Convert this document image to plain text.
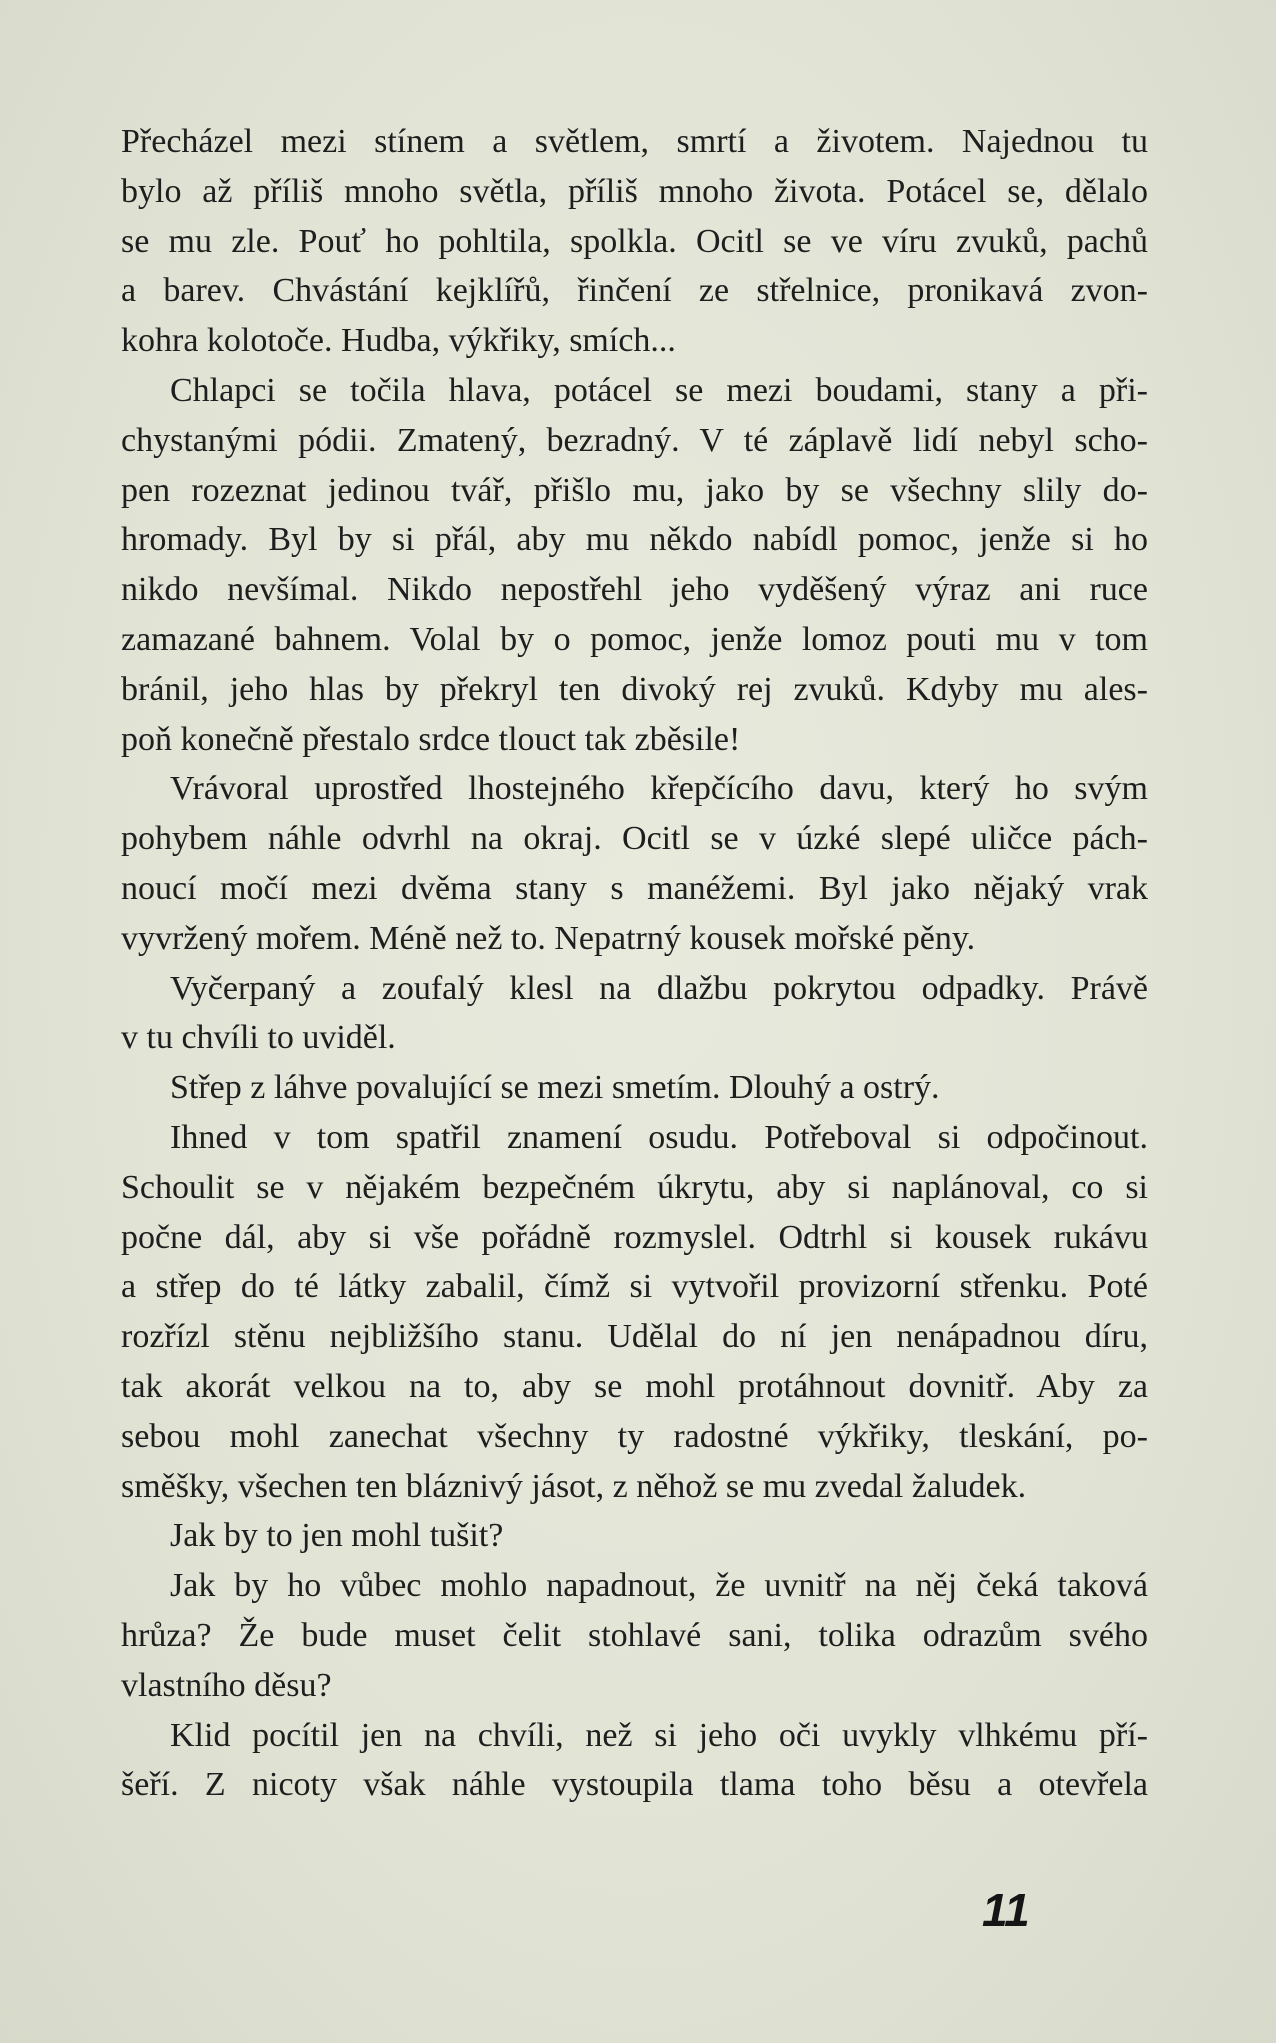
Přecházel mezi stínem a světlem, smrtí a životem. Najednou tu
bylo až příliš mnoho světla, příliš mnoho života. Potácel se, dělalo
se mu zle. Pouť ho pohltila, spolkla. Ocitl se ve víru zvuků, pachů
a barev. Chvástání kejklířů, řinčení ze střelnice, pronikavá zvon-
kohra kolotoče. Hudba, výkřiky, smích...
Chlapci se točila hlava, potácel se mezi boudami, stany a při-
chystanými pódii. Zmatený, bezradný. V té záplavě lidí nebyl scho-
pen rozeznat jedinou tvář, přišlo mu, jako by se všechny slily do-
hromady. Byl by si přál, aby mu někdo nabídl pomoc, jenže si ho
nikdo nevšímal. Nikdo nepostřehl jeho vyděšený výraz ani ruce
zamazané bahnem. Volal by o pomoc, jenže lomoz pouti mu v tom
bránil, jeho hlas by překryl ten divoký rej zvuků. Kdyby mu ales-
poň konečně přestalo srdce tlouct tak zběsile!
Vrávoral uprostřed lhostejného křepčícího davu, který ho svým
pohybem náhle odvrhl na okraj. Ocitl se v úzké slepé uličce pách-
noucí močí mezi dvěma stany s manéžemi. Byl jako nějaký vrak
vyvržený mořem. Méně než to. Nepatrný kousek mořské pěny.
Vyčerpaný a zoufalý klesl na dlažbu pokrytou odpadky. Právě
v tu chvíli to uviděl.
Střep z láhve povalující se mezi smetím. Dlouhý a ostrý.
Ihned v tom spatřil znamení osudu. Potřeboval si odpočinout.
Schoulit se v nějakém bezpečném úkrytu, aby si naplánoval, co si
počne dál, aby si vše pořádně rozmyslel. Odtrhl si kousek rukávu
a střep do té látky zabalil, čímž si vytvořil provizorní střenku. Poté
rozřízl stěnu nejbližšího stanu. Udělal do ní jen nenápadnou díru,
tak akorát velkou na to, aby se mohl protáhnout dovnitř. Aby za
sebou mohl zanechat všechny ty radostné výkřiky, tleskání, po-
směšky, všechen ten bláznivý jásot, z něhož se mu zvedal žaludek.
Jak by to jen mohl tušit?
Jak by ho vůbec mohlo napadnout, že uvnitř na něj čeká taková
hrůza? Že bude muset čelit stohlavé sani, tolika odrazům svého
vlastního děsu?
Klid pocítil jen na chvíli, než si jeho oči uvykly vlhkému pří-
šeří. Z nicoty však náhle vystoupila tlama toho běsu a otevřela
11
